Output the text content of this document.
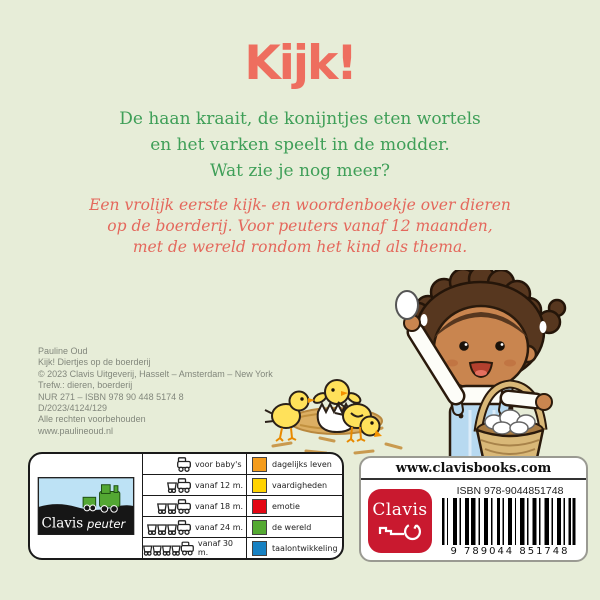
Kijk!
De haan kraait, de konijntjes eten wortels
en het varken speelt in de modder.
Wat zie je nog meer?
Een vrolijk eerste kijk- en woordenboekje over dieren
op de boerderij. Voor peuters vanaf 12 maanden,
met de wereld rondom het kind als thema.
Pauline Oud
Kijk! Diertjes op de boerderij
© 2023 Clavis Uitgeverij, Hasselt – Amsterdam – New York
Trefw.: dieren, boerderij
NUR 271 – ISBN 978 90 448 5174 8
D/2023/4124/129
Alle rechten voorbehouden
www.paulineoud.nl
Clavis peuter
voor baby's	dagelijks leven
vanaf 12 m.	vaardigheden
vanaf 18 m.	emotie
vanaf 24 m.	de wereld
vanaf 30 m.	taalontwikkeling
www.clavisbooks.com
Clavis
ISBN 978-9044851748
9 789044 851748
